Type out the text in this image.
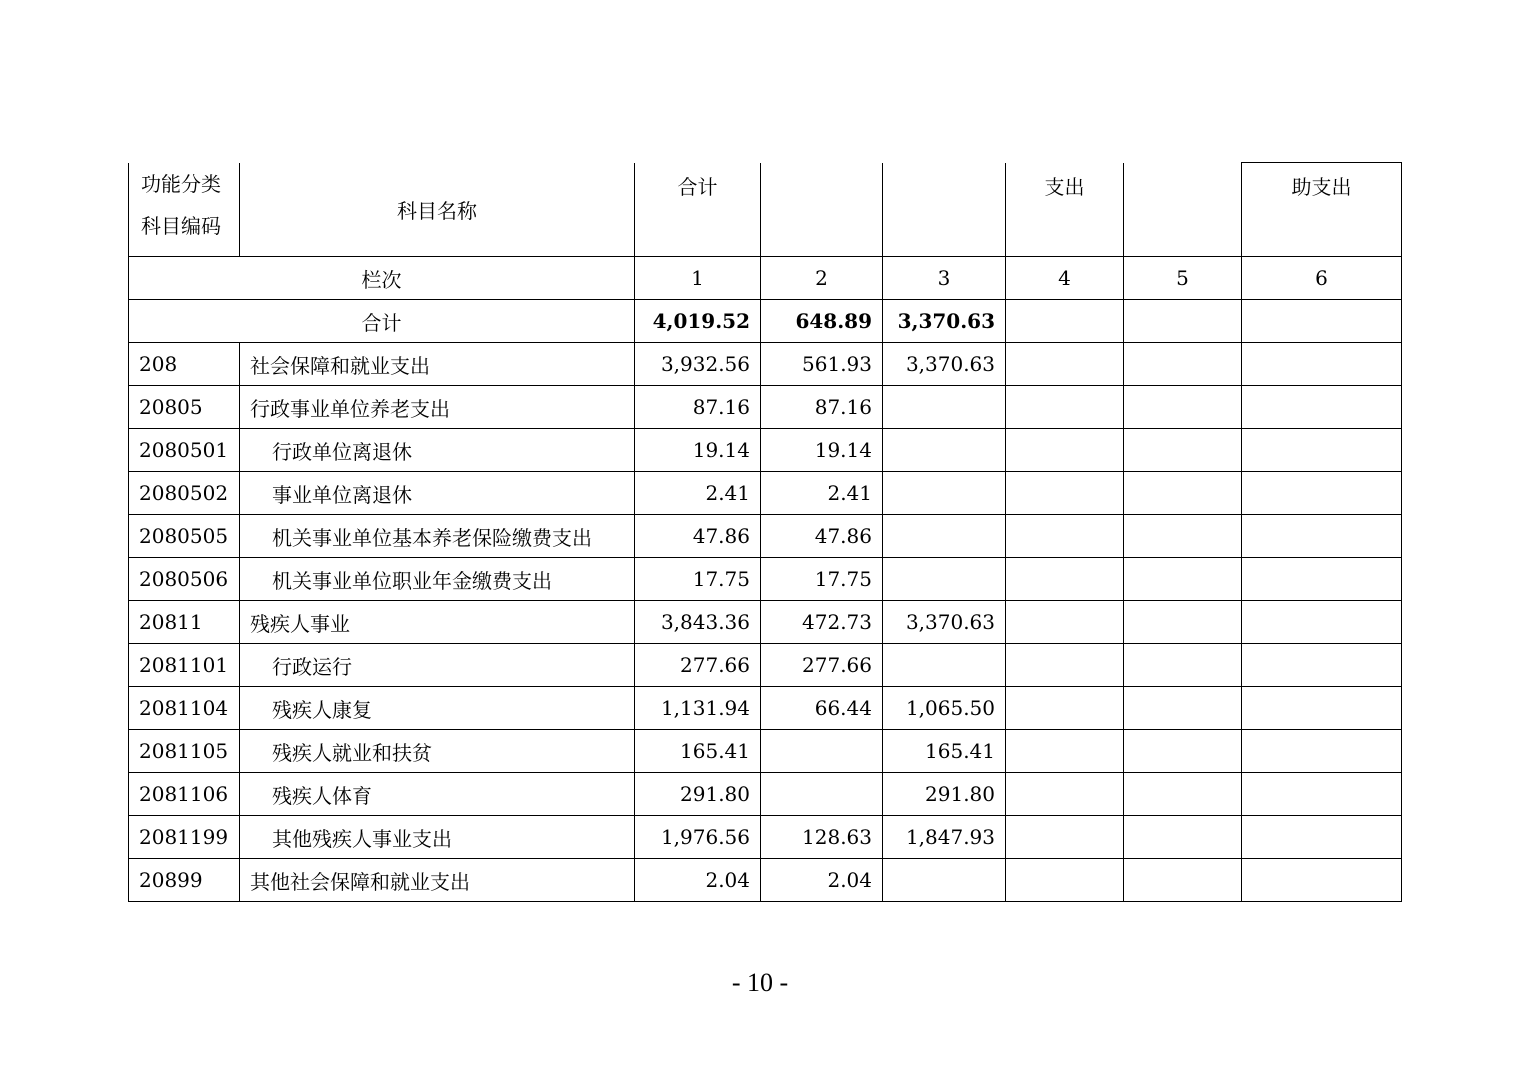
功能分类
科目编码	科目名称	合计			支出		助支出
栏次		1	2	3	4	5	6
合计		4,019.52	648.89	3,370.63			
208	社会保障和就业支出	3,932.56	561.93	3,370.63			
20805	行政事业单位养老支出	87.16	87.16				
2080501	行政单位离退休	19.14	19.14				
2080502	事业单位离退休	2.41	2.41				
2080505	机关事业单位基本养老保险缴费支出	47.86	47.86				
2080506	机关事业单位职业年金缴费支出	17.75	17.75				
20811	残疾人事业	3,843.36	472.73	3,370.63			
2081101	行政运行	277.66	277.66				
2081104	残疾人康复	1,131.94	66.44	1,065.50			
2081105	残疾人就业和扶贫	165.41		165.41			
2081106	残疾人体育	291.80		291.80			
2081199	其他残疾人事业支出	1,976.56	128.63	1,847.93			
20899	其他社会保障和就业支出	2.04	2.04				
- 10 -
